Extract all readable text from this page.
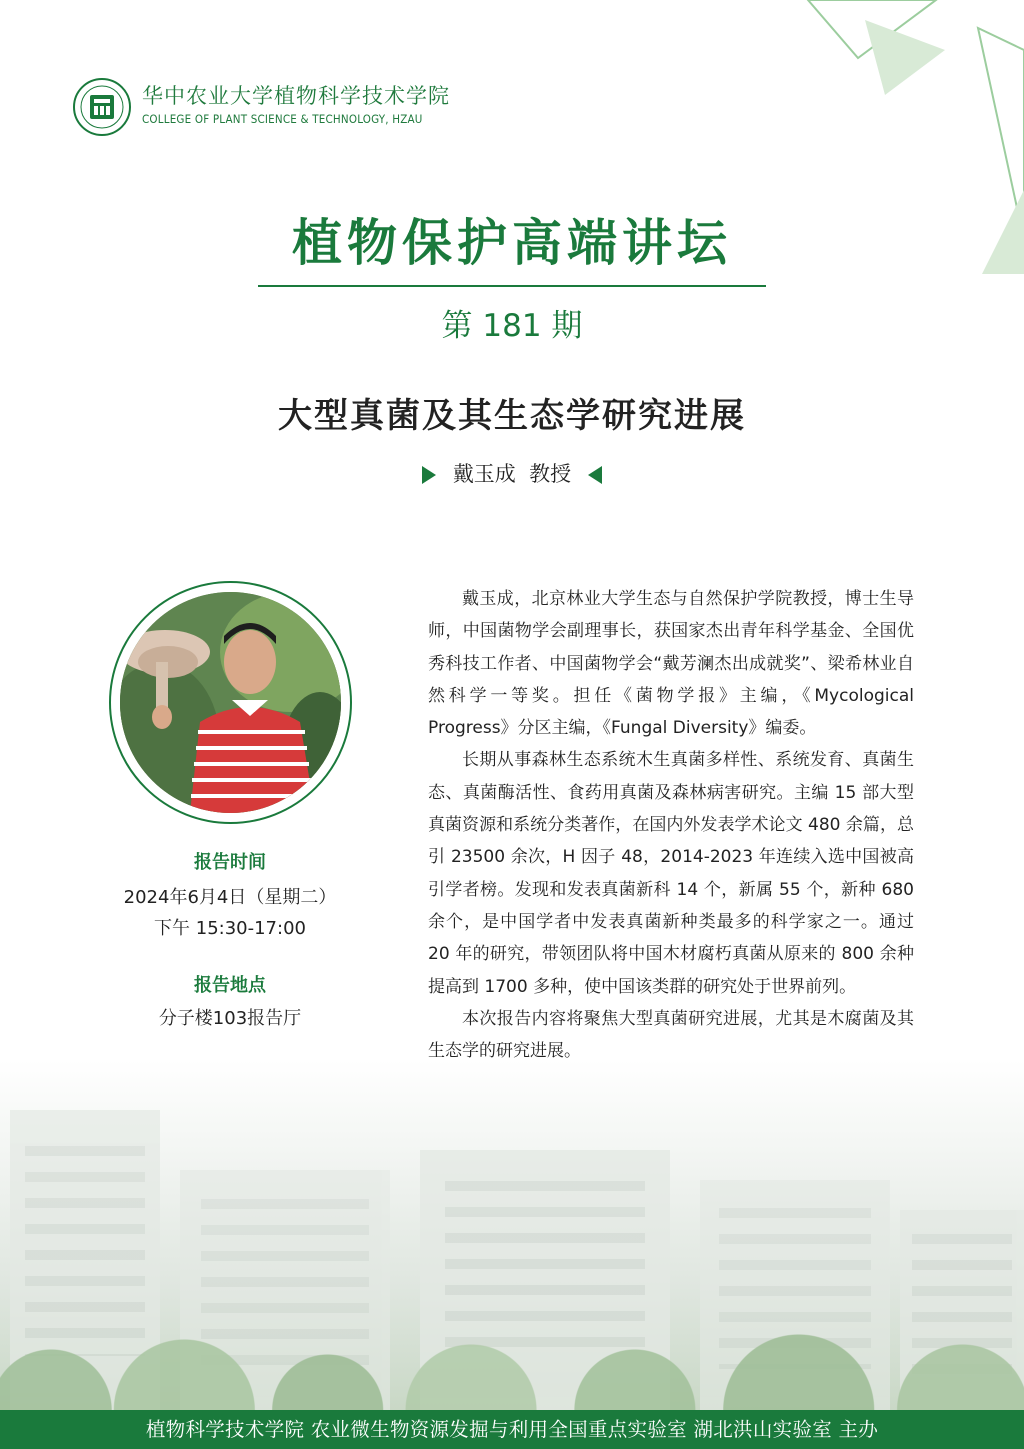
华中农业大学植物科学技术学院
COLLEGE OF PLANT SCIENCE & TECHNOLOGY, HZAU
植物保护高端讲坛
第 181 期
大型真菌及其生态学研究进展
戴玉成  教授
报告时间
2024年6月4日（星期二）
下午 15:30-17:00
报告地点
分子楼103报告厅

戴玉成，北京林业大学生态与自然保护学院教授，博士生导师，中国菌物学会副理事长，获国家杰出青年科学基金、全国优秀科技工作者、中国菌物学会“戴芳澜杰出成就奖”、梁希林业自然科学一等奖。担任《菌物学报》主编，《Mycological Progress》分区主编，《Fungal Diversity》编委。

长期从事森林生态系统木生真菌多样性、系统发育、真菌生态、真菌酶活性、食药用真菌及森林病害研究。主编 15 部大型真菌资源和系统分类著作，在国内外发表学术论文 480 余篇，总引 23500 余次，H 因子 48，2014-2023 年连续入选中国被高引学者榜。发现和发表真菌新科 14 个，新属 55 个，新种 680 余个，是中国学者中发表真菌新种类最多的科学家之一。通过 20 年的研究，带领团队将中国木材腐朽真菌从原来的 800 余种提高到 1700 多种，使中国该类群的研究处于世界前列。

本次报告内容将聚焦大型真菌研究进展，尤其是木腐菌及其生态学的研究进展。

植物科学技术学院 农业微生物资源发掘与利用全国重点实验室 湖北洪山实验室 主办
